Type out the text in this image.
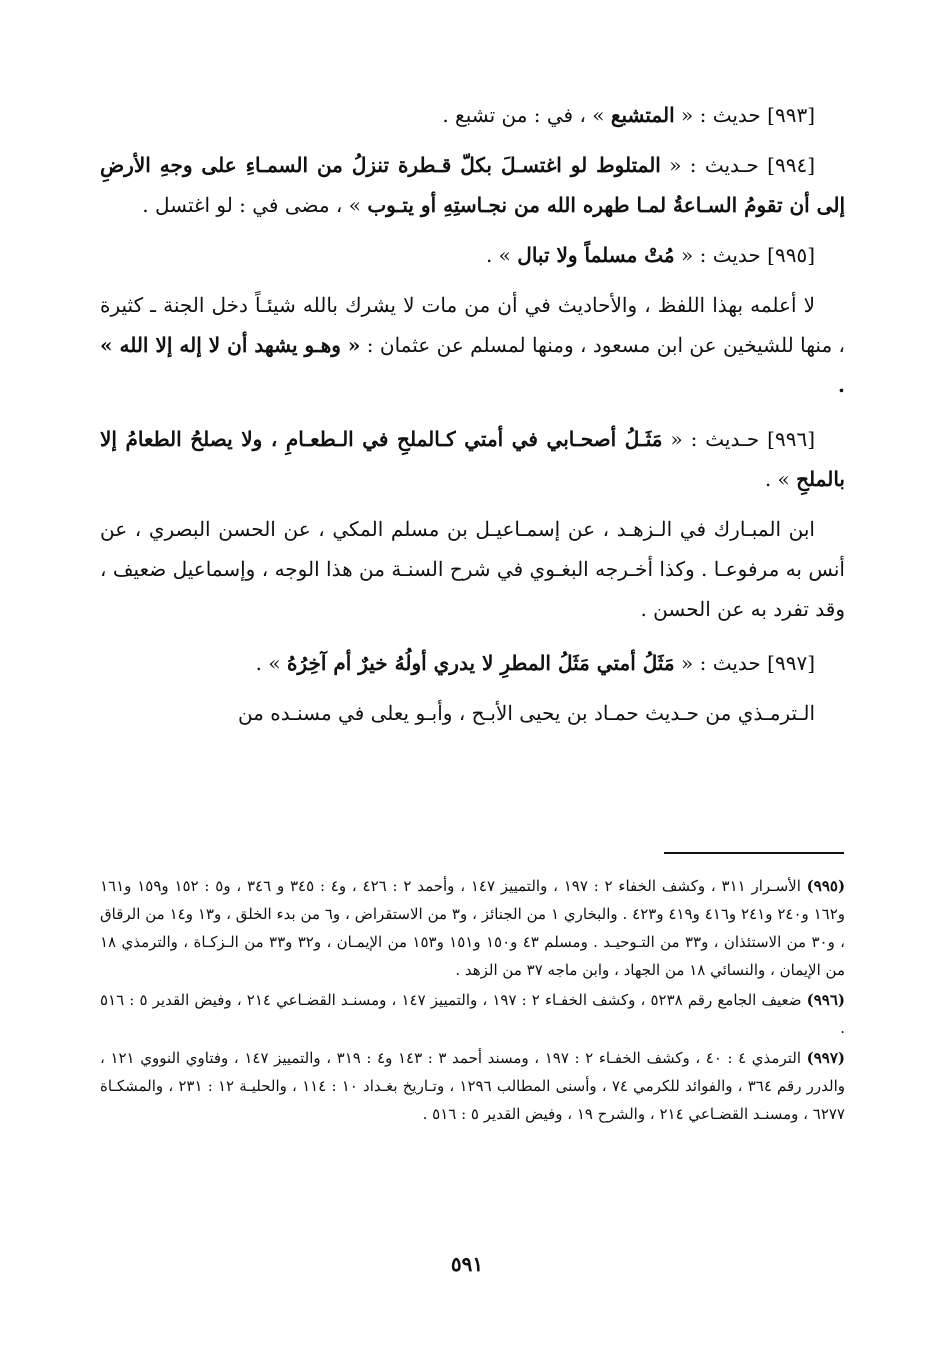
[٩٩٣] حديث : « المتشبع » ، في : من تشبع .

[٩٩٤] حـديث : « المتلوط لو اغتسـلَ بكلّ قـطرة تنزلُ من السمـاءِ على وجهِ الأرضِ إلى أن تقومُ السـاعةُ لمـا طهره الله من نجـاستِهِ أو يتـوب » ، مضى في : لو اغتسل .

[٩٩٥] حديث : « مُتْ مسلماً ولا تبال » .

لا أعلمه بهذا اللفظ ، والأحاديث في أن من مات لا يشرك بالله شيئـاً دخل الجنة ـ كثيرة ، منها للشيخين عن ابن مسعود ، ومنها لمسلم عن عثمان : « وهـو يشهد أن لا إله إلا الله » .

[٩٩٦] حـديث : « مَثَـلُ أصحـابي في أمتي كـالملحِ في الـطعـامِ ، ولا يصلحُ الطعامُ إلا بالملحِ » .

ابن المبـارك في الـزهـد ، عن إسمـاعيـل بن مسلم المكي ، عن الحسن البصري ، عن أنس به مرفوعـا . وكذا أخـرجه البغـوي في شرح السنـة من هذا الوجه ، وإسماعيل ضعيف ، وقد تفرد به عن الحسن .

[٩٩٧] حديث : « مَثَلُ أمتي مَثَلُ المطرِ لا يدري أولُهُ خيرٌ أم آخِرُهُ » .

الـترمـذي من حـديث حمـاد بن يحيى الأبـح ، وأبـو يعلى في مسنـده من

(٩٩٥) الأسـرار ٣١١ ، وكشف الخفاء ٢ : ١٩٧ ، والتمييز ١٤٧ ، وأحمد ٢ : ٤٢٦ ، و٤ : ٣٤٥ و ٣٤٦ ، و٥ : ١٥٢ و١٥٩ و١٦١ و١٦٢ و٢٤٠ و٢٤١ و٤١٦ و٤١٩ و٤٢٣ . والبخاري ١ من الجنائز ، و٣ من الاستقراض ، و٦ من بدء الخلق ، و١٣ و١٤ من الرقاق ، و٣٠ من الاستئذان ، و٣٣ من التـوحيـد . ومسلم ٤٣ و١٥٠ و١٥١ و١٥٣ من الإيمـان ، و٣٢ و٣٣ من الـزكـاة ، والترمذي ١٨ من الإيمان ، والنسائي ١٨ من الجهاد ، وابن ماجه ٣٧ من الزهد .

(٩٩٦) ضعيف الجامع رقم ٥٢٣٨ ، وكشف الخفـاء ٢ : ١٩٧ ، والتمييز ١٤٧ ، ومسنـد القضـاعي ٢١٤ ، وفيض القدير ٥ : ٥١٦ .

(٩٩٧) الترمذي ٤ : ٤٠ ، وكشف الخفـاء ٢ : ١٩٧ ، ومسند أحمد ٣ : ١٤٣ و٤ : ٣١٩ ، والتمييز ١٤٧ ، وفتاوي النووي ١٢١ ، والدرر رقم ٣٦٤ ، والفوائد للكرمي ٧٤ ، وأسنى المطالب ١٢٩٦ ، وتـاريخ بغـداد ١٠ : ١١٤ ، والحليـة ١٢ : ٢٣١ ، والمشكـاة ٦٢٧٧ ، ومسنـد القضـاعي ٢١٤ ، والشرح ١٩ ، وفيض القدير ٥ : ٥١٦ .

٥٩١
